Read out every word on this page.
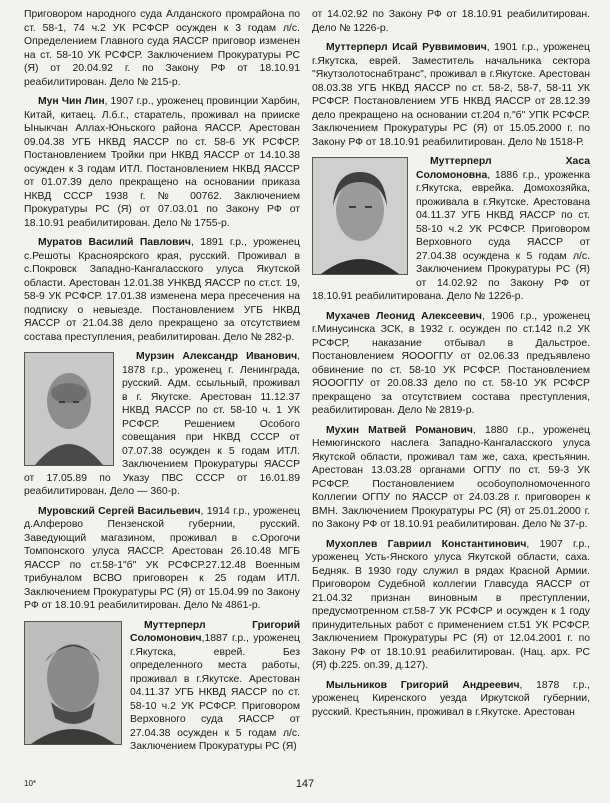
Приговором народного суда Алданского промрайона по ст. 58-1, 74 ч.2 УК РСФСР осужден к 3 годам л/с. Определением Главного суда ЯАССР приговор изменен на ст. 58-10 УК РСФСР. Заключением Прокуратуры РС (Я) от 20.04.92 г. по Закону РФ от 18.10.91 реабилитирован. Дело № 215-р.

Мун Чин Лин, 1907 г.р., уроженец провинции Харбин, Китай, китаец. Л.б.г., старатель, проживал на прииске Ыныкчан Аллах-Юньского района ЯАССР. Арестован 09.04.38 УГБ НКВД ЯАССР по ст. 58-6 УК РСФСР. Постановлением Тройки при НКВД ЯАССР от 14.10.38 осужден к 3 годам ИТЛ. Постановлением НКВД ЯАССР от 01.07.39 дело прекращено на основании приказа НКВД СССР 1938 г. № 00762. Заключением Прокуратуры РС (Я) от 07.03.01 по Закону РФ от 18.10.91 реабилитирован. Дело № 1755-р.

Муратов Василий Павлович, 1891 г.р., уроженец с.Решоты Красноярского края, русский. Проживал в с.Покровск Западно-Кангаласского улуса Якутской области. Арестован 12.01.38 УНКВД ЯАССР по ст.ст. 19, 58-9 УК РСФСР. 17.01.38 изменена мера пресечения на подписку о невыезде. Постановлением УГБ НКВД ЯАССР от 21.04.38 дело прекращено за отсутствием состава преступления, реабилитирован. Дело № 282-р.

Мурзин Александр Иванович, 1878 г.р., уроженец г. Ленинграда, русский. Адм. ссыльный, проживал в г. Якутске. Арестован 11.12.37 НКВД ЯАССР по ст. 58-10 ч. 1 УК РСФСР. Решением Особого совещания при НКВД СССР от 07.07.38 осужден к 5 годам ИТЛ. Заключением Прокуратуры ЯАССР от 17.05.89 по Указу ПВС СССР от 16.01.89 реабилитирован. Дело — 360-р.

Муровский Сергей Васильевич, 1914 г.р., уроженец д.Алферово Пензенской губернии, русский. Заведующий магазином, проживал в с.Орогочи Томпонского улуса ЯАССР. Арестован 26.10.48 МГБ ЯАССР по ст.58-1"б" УК РСФСР.27.12.48 Военным трибуналом ВСВО приговорен к 25 годам ИТЛ. Заключением Прокуратуры РС (Я) от 15.04.99 по Закону РФ от 18.10.91 реабилитирован. Дело № 4861-р.

Муттерперл Григорий Соломонович,1887 г.р., уроженец г.Якутска, еврей. Без определенного места работы, проживал в г.Якутске. Арестован 04.11.37 УГБ НКВД ЯАССР по ст. 58-10 ч.2 УК РСФСР. Приговором Верховного суда ЯАССР от 27.04.38 осужден к 5 годам л/с. Заключением Прокуратуры РС (Я)

от 14.02.92 по Закону РФ от 18.10.91 реабилитирован. Дело № 1226-р.

Муттерперл Исай Руввимович, 1901 г.р., уроженец г.Якутска, еврей. Заместитель начальника сектора "Якутзолотоснабтранс", проживал в г.Якутске. Арестован 08.03.38 УГБ НКВД ЯАССР по ст. 58-2, 58-7, 58-11 УК РСФСР. Постановлением УГБ НКВД ЯАССР от 28.12.39 дело прекращено на основании ст.204 п."б" УПК РСФСР. Заключением Прокуратуры РС (Я) от 15.05.2000 г. по Закону РФ от 18.10.91 реабилитирован. Дело № 1518-Р.

Муттерперл Хаса Соломоновна, 1886 г.р., уроженка г.Якутска, еврейка. Домохозяйка, проживала в г.Якутске. Арестована 04.11.37 УГБ НКВД ЯАССР по ст. 58-10 ч.2 УК РСФСР. Приговором Верховного суда ЯАССР от 27.04.38 осуждена к 5 годам л/с. Заключением Прокуратуры РС (Я) от 14.02.92 по Закону РФ от 18.10.91 реабилитирована. Дело № 1226-р.

Мухачев Леонид Алексеевич, 1906 г.р., уроженец г.Минусинска ЗСК, в 1932 г. осужден по ст.142 п.2 УК РСФСР, наказание отбывал в Дальстрое. Постановлением ЯОООГПУ от 02.06.33 предъявлено обвинение по ст. 58-10 УК РСФСР. Постановлением ЯОООГПУ от 20.08.33 дело по ст. 58-10 УК РСФСР прекращено за отсутствием состава преступления, реабилитирован. Дело № 2819-р.

Мухин Матвей Романович, 1880 г.р., уроженец Немюгинского наслега Западно-Кангаласского улуса Якутской области, проживал там же, саха, крестьянин. Арестован 13.03.28 органами ОГПУ по ст. 59-3 УК РСФСР. Постановлением особоуполномоченного Коллегии ОГПУ по ЯАССР от 24.03.28 г. приговорен к ВМН. Заключением Прокуратуры РС (Я) от 25.01.2000 г. по Закону РФ от 18.10.91 реабилитирован. Дело № 37-р.

Мухоплев Гавриил Константинович, 1907 г.р., уроженец Усть-Янского улуса Якутской области, саха. Бедняк. В 1930 году служил в рядах Красной Армии. Приговором Судебной коллегии Главсуда ЯАССР от 21.04.32 признан виновным в преступлении, предусмотренном ст.58-7 УК РСФСР и осужден к 1 году принудительных работ с применением ст.51 УК РСФСР. Заключением Прокуратуры РС (Я) от 12.04.2001 г. по Закону РФ от 18.10.91 реабилитирован. (Нац. арх. РС (Я) ф.225. оп.39, д.127).

Мыльников Григорий Андреевич, 1878 г.р., уроженец Киренского уезда Иркутской губернии, русский. Крестьянин, проживал в г.Якутске. Арестован

10*	147
